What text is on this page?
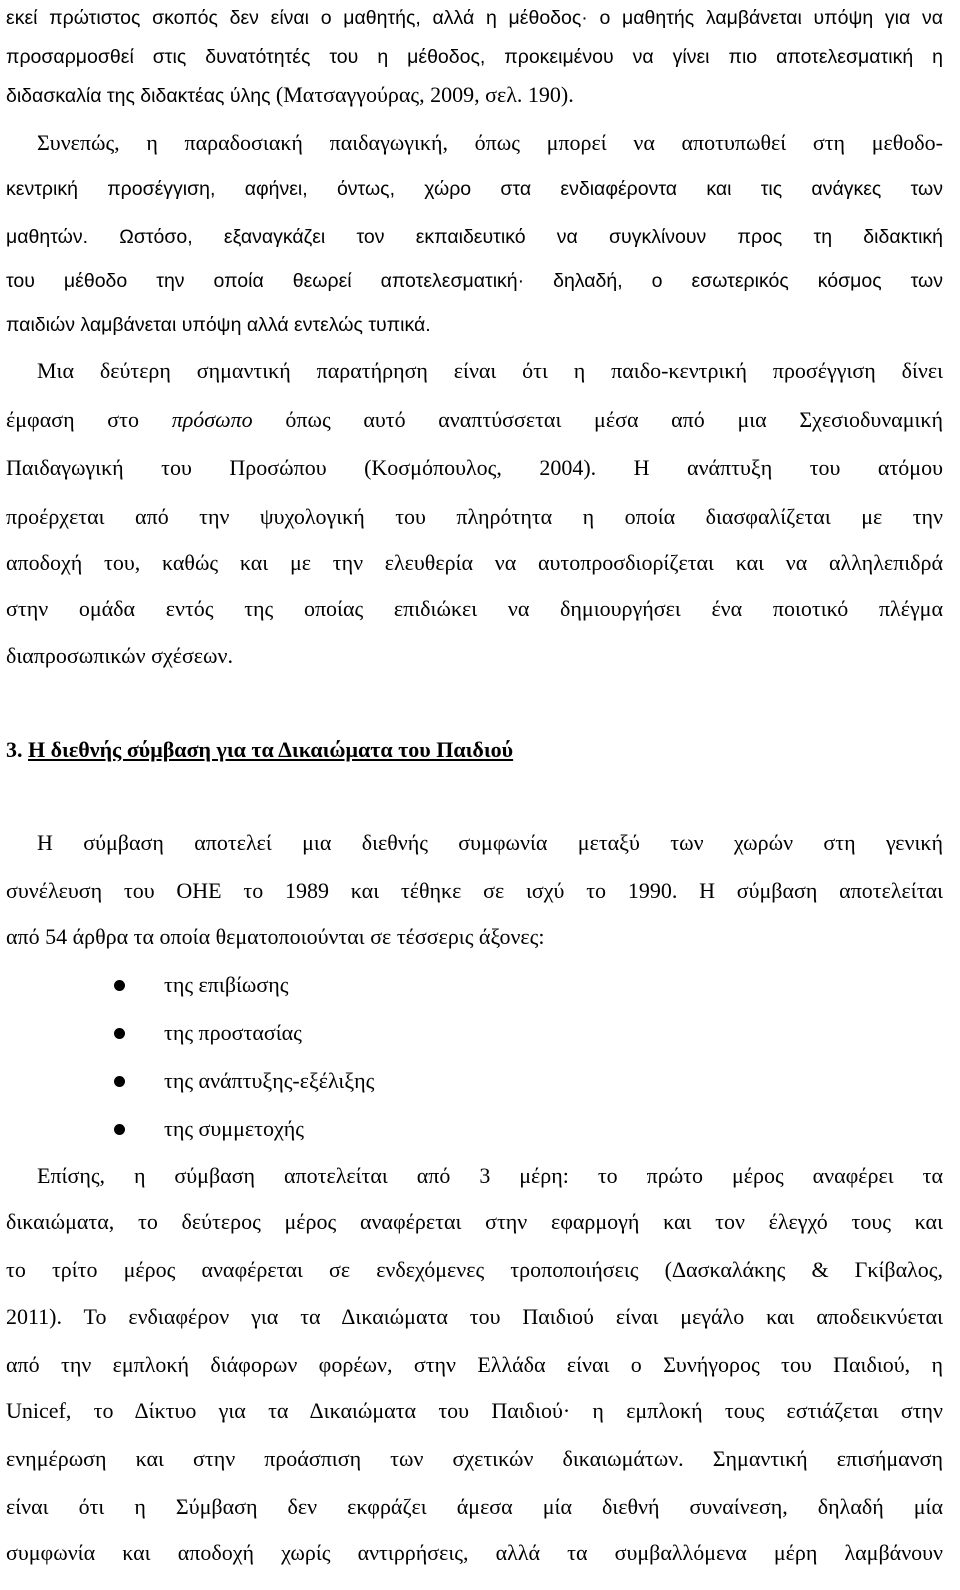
εκεί πρώτιστος σκοπός δεν είναι ο μαθητής, αλλά η μέθοδος· ο μαθητής λαμβάνεται υπόψη για να
προσαρμοσθεί στις δυνατότητές του η μέθοδος, προκειμένου να γίνει πιο αποτελεσματική η
διδασκαλία της διδακτέας ύλης (Ματσαγγούρας, 2009, σελ. 190).
Συνεπώς, η παραδοσιακή παιδαγωγική, όπως μπορεί να αποτυπωθεί στη μεθοδο-
κεντρική προσέγγιση, αφήνει, όντως, χώρο στα ενδιαφέροντα και τις ανάγκες των
μαθητών. Ωστόσο, εξαναγκάζει τον εκπαιδευτικό να συγκλίνουν προς τη διδακτική
του μέθοδο την οποία θεωρεί αποτελεσματική· δηλαδή, ο εσωτερικός κόσμος των
παιδιών λαμβάνεται υπόψη αλλά εντελώς τυπικά.
Μια δεύτερη σημαντική παρατήρηση είναι ότι η παιδο-κεντρική προσέγγιση δίνει
έμφαση στο πρόσωπο όπως αυτό αναπτύσσεται μέσα από μια Σχεσιοδυναμική
Παιδαγωγική του Προσώπου (Κοσμόπουλος, 2004). Η ανάπτυξη του ατόμου
προέρχεται από την ψυχολογική του πληρότητα η οποία διασφαλίζεται με την
αποδοχή του, καθώς και με την ελευθερία να αυτοπροσδιορίζεται και να αλληλεπιδρά
στην ομάδα εντός της οποίας επιδιώκει να δημιουργήσει ένα ποιοτικό πλέγμα
διαπροσωπικών σχέσεων.
3. Η διεθνής σύμβαση για τα Δικαιώματα του Παιδιού
Η σύμβαση αποτελεί μια διεθνής συμφωνία μεταξύ των χωρών στη γενική
συνέλευση του ΟΗΕ το 1989 και τέθηκε σε ισχύ το 1990. Η σύμβαση αποτελείται
από 54 άρθρα τα οποία θεματοποιούνται σε τέσσερις άξονες:
της επιβίωσης
της προστασίας
της ανάπτυξης-εξέλιξης
της συμμετοχής
Επίσης, η σύμβαση αποτελείται από 3 μέρη: το πρώτο μέρος αναφέρει τα
δικαιώματα, το δεύτερος μέρος αναφέρεται στην εφαρμογή και τον έλεγχό τους και
το τρίτο μέρος αναφέρεται σε ενδεχόμενες τροποποιήσεις (Δασκαλάκης & Γκίβαλος,
2011). Το ενδιαφέρον για τα Δικαιώματα του Παιδιού είναι μεγάλο και αποδεικνύεται
από την εμπλοκή διάφορων φορέων, στην Ελλάδα είναι ο Συνήγορος του Παιδιού, η
Unicef, το Δίκτυο για τα Δικαιώματα του Παιδιού· η εμπλοκή τους εστιάζεται στην
ενημέρωση και στην προάσπιση των σχετικών δικαιωμάτων. Σημαντική επισήμανση
είναι ότι η Σύμβαση δεν εκφράζει άμεσα μία διεθνή συναίνεση, δηλαδή μία
συμφωνία και αποδοχή χωρίς αντιρρήσεις, αλλά τα συμβαλλόμενα μέρη λαμβάνουν
